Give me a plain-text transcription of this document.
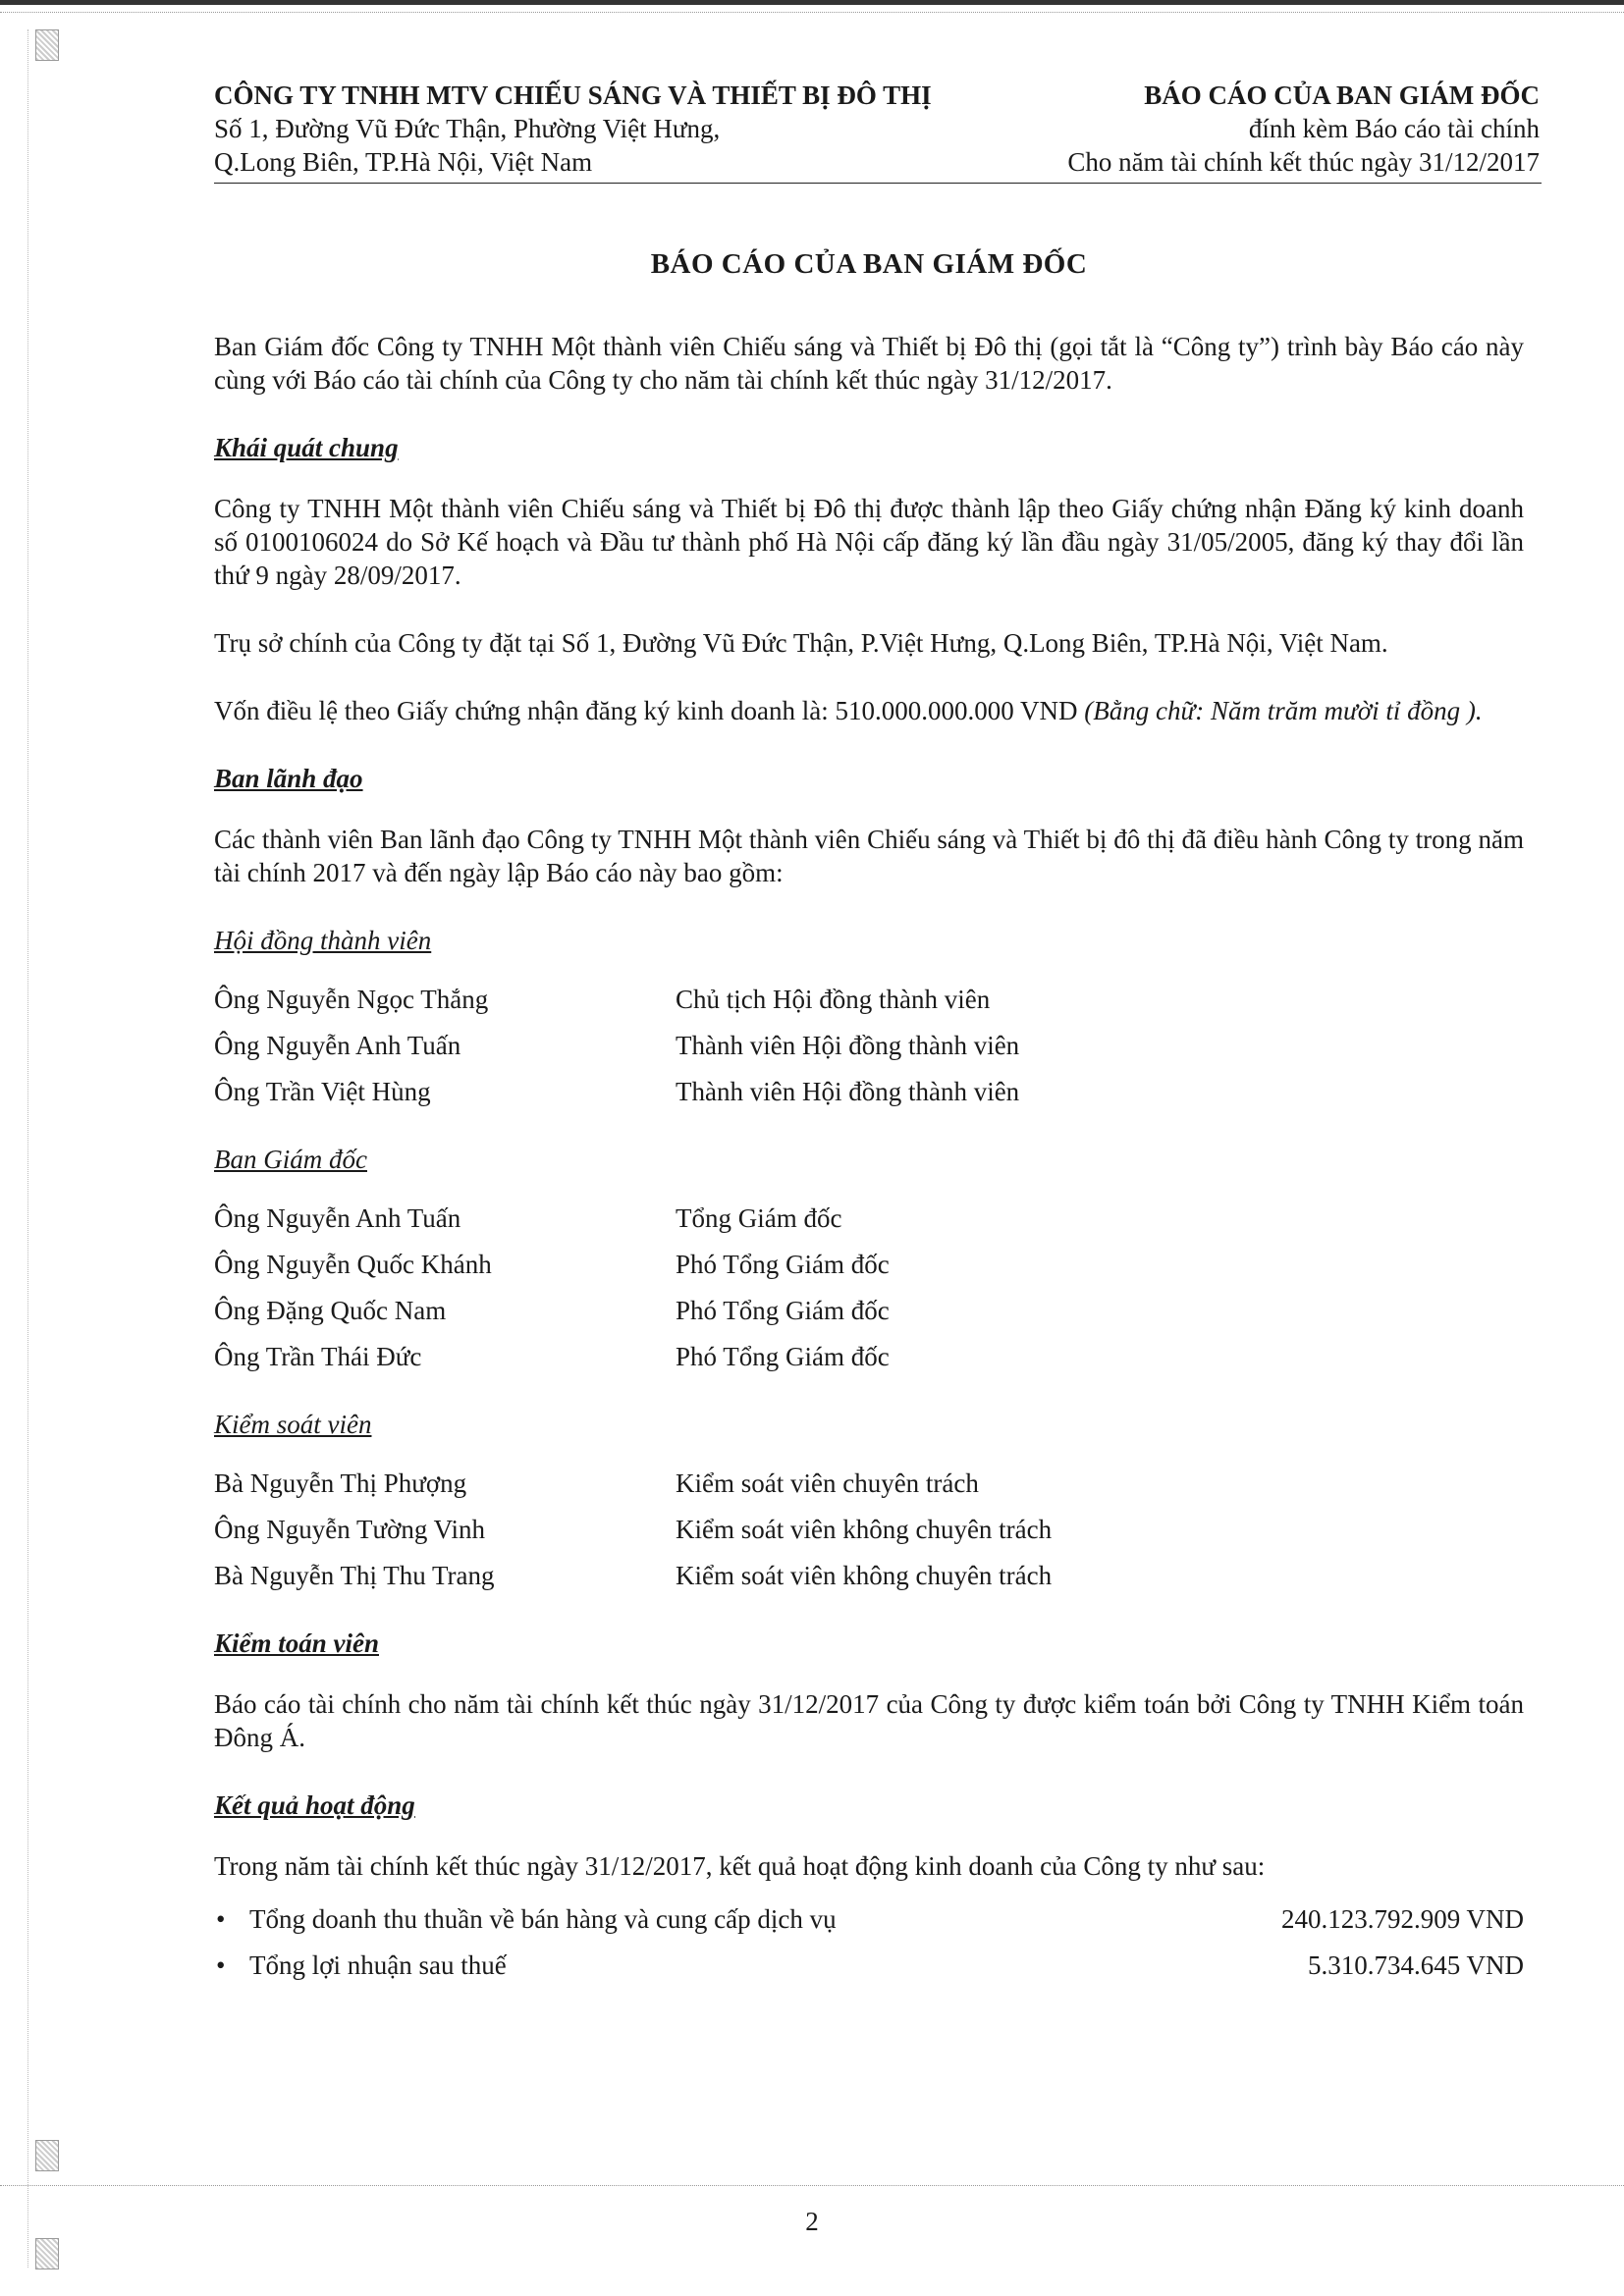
CÔNG TY TNHH MTV CHIẾU SÁNG VÀ THIẾT BỊ ĐÔ THỊ
Số 1, Đường Vũ Đức Thận, Phường Việt Hưng,
Q.Long Biên, TP.Hà Nội, Việt Nam
BÁO CÁO CỦA BAN GIÁM ĐỐC
đính kèm Báo cáo tài chính
Cho năm tài chính kết thúc ngày 31/12/2017
BÁO CÁO CỦA BAN GIÁM ĐỐC

Ban Giám đốc Công ty TNHH Một thành viên Chiếu sáng và Thiết bị Đô thị (gọi tắt là “Công ty”) trình bày Báo cáo này cùng với Báo cáo tài chính của Công ty cho năm tài chính kết thúc ngày 31/12/2017.

Khái quát chung

Công ty TNHH Một thành viên Chiếu sáng và Thiết bị Đô thị được thành lập theo Giấy chứng nhận Đăng ký kinh doanh số 0100106024 do Sở Kế hoạch và Đầu tư thành phố Hà Nội cấp đăng ký lần đầu ngày 31/05/2005, đăng ký thay đổi lần thứ 9 ngày 28/09/2017.

Trụ sở chính của Công ty đặt tại Số 1, Đường Vũ Đức Thận, P.Việt Hưng, Q.Long Biên, TP.Hà Nội, Việt Nam.

Vốn điều lệ theo Giấy chứng nhận đăng ký kinh doanh là: 510.000.000.000 VND (Bằng chữ: Năm trăm mười tỉ đồng ).

Ban lãnh đạo

Các thành viên Ban lãnh đạo Công ty TNHH Một thành viên Chiếu sáng và Thiết bị đô thị đã điều hành Công ty trong năm tài chính 2017 và đến ngày lập Báo cáo này bao gồm:

Hội đồng thành viên
Ông Nguyễn Ngọc Thắng	Chủ tịch Hội đồng thành viên
Ông Nguyễn Anh Tuấn	Thành viên Hội đồng thành viên
Ông Trần Việt Hùng	Thành viên Hội đồng thành viên
Ban Giám đốc
Ông Nguyễn Anh Tuấn	Tổng Giám đốc
Ông Nguyễn Quốc Khánh	Phó Tổng Giám đốc
Ông Đặng Quốc Nam	Phó Tổng Giám đốc
Ông Trần Thái Đức	Phó Tổng Giám đốc
Kiểm soát viên
Bà Nguyễn Thị Phượng	Kiểm soát viên chuyên trách
Ông Nguyễn Tường Vinh	Kiểm soát viên không chuyên trách
Bà Nguyễn Thị Thu Trang	Kiểm soát viên không chuyên trách
Kiểm toán viên

Báo cáo tài chính cho năm tài chính kết thúc ngày 31/12/2017 của Công ty được kiểm toán bởi Công ty TNHH Kiểm toán Đông Á.

Kết quả hoạt động

Trong năm tài chính kết thúc ngày 31/12/2017, kết quả hoạt động kinh doanh của Công ty như sau:

• Tổng doanh thu thuần về bán hàng và cung cấp dịch vụ	240.123.792.909 VND
• Tổng lợi nhuận sau thuế	5.310.734.645 VND
2
